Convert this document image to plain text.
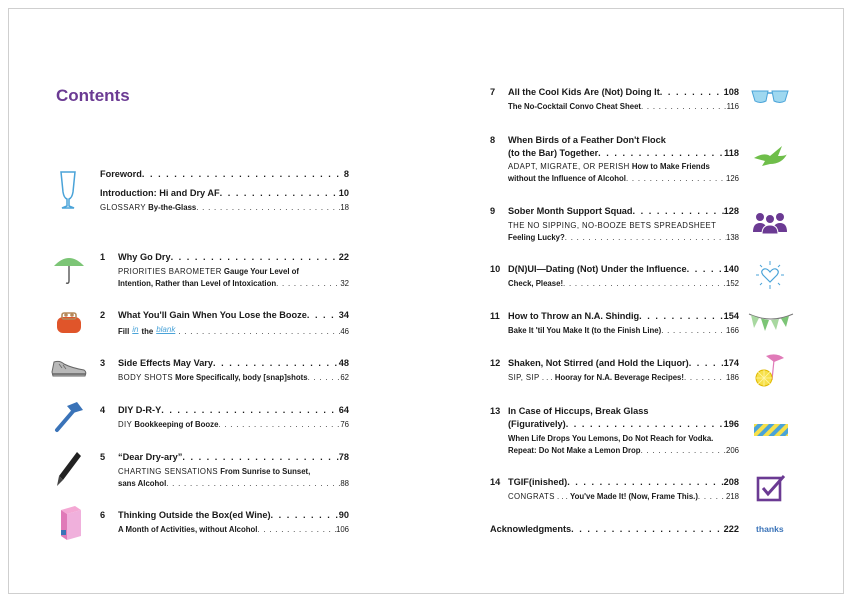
Contents
Foreword . . .	8
Introduction: Hi and Dry AF . . .	10
GLOSSARY
By-the-Glass . . .	18
1	Why Go Dry . . .	22
PRIORITIES BAROMETER
Gauge Your Level of
Intention, Rather than Level of Intoxication . . .	32
2	What You'll Gain When You Lose the Booze . . .	34
Fill in the blank . . .	46
3	Side Effects May Vary . . .	48
BODY SHOTS
More Specifically, body [snap]shots . . .	62
4	DIY D-R-Y . . .	64
DIY
Bookkeeping of Booze . . .	76
5	“Dear Dry-ary” . . .	78
CHARTING SENSATIONS
From Sunrise to Sunset,
sans Alcohol . . .	88
6	Thinking Outside the Box(ed Wine) . . .	90
A Month of Activities, without Alcohol . . .	106
7	All the Cool Kids Are (Not) Doing It . . .	108
The No-Cocktail Convo Cheat Sheet . . .	116
8	When Birds of a Feather Don't Flock
(to the Bar) Together . . .	118
ADAPT, MIGRATE, OR PERISH
How to Make Friends
without the Influence of Alcohol . . .	126
9	Sober Month Support Squad . . .	128
THE NO SIPPING, NO-BOOZE BETS SPREADSHEET
Feeling Lucky? . . .	138
10 D(N)UI—Dating (Not) Under the Influence . . .	140
Check, Please! . . .	152
11 How to Throw an N.A. Shindig . . .	154
Bake It 'til You Make It (to the Finish Line) . . .	166
12 Shaken, Not Stirred (and Hold the Liquor) . . .	174
SIP, SIP
. . .
Hooray for N.A. Beverage Recipes! . . .	186
13 In Case of Hiccups, Break Glass
(Figuratively) . . .	196
When Life Drops You Lemons, Do Not Reach for Vodka.
Repeat: Do Not Make a Lemon Drop . . .	206
14 TGIF(inished) . . .	208
CONGRATS
. . .
You've Made It! (Now, Frame This.) . . .	218
Acknowledgments . . .	222 thanks
